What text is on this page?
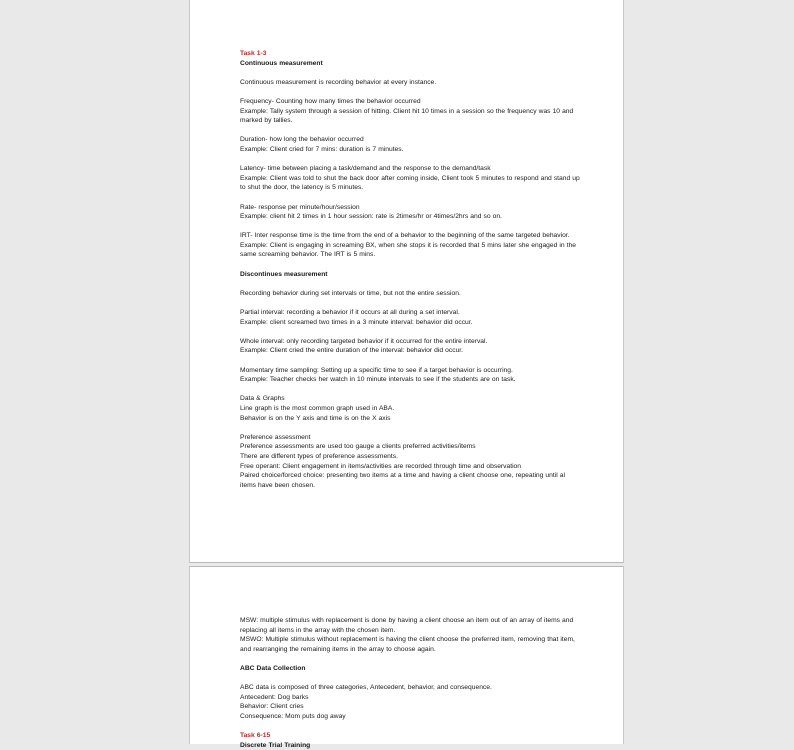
Task 1-3
Continuous measurement
Continuous measurement is recording behavior at every instance.
Frequency- Counting how many times the behavior occurred
Example: Tally system through a session of hitting. Client hit 10 times in a session so the frequency was 10 and marked by tallies.
Duration- how long the behavior occurred
Example: Client cried for 7 mins: duration is 7 minutes.
Latency- time between placing a task/demand and the response to the demand/task
Example: Client was told to shut the back door after coming inside, Client took 5 minutes to respond and stand up to shut the door, the latency is 5 minutes.
Rate- response per minute/hour/session
Example: client hit 2 times in 1 hour session: rate is 2times/hr or 4times/2hrs and so on.
IRT- Inter response time is the time from the end of a behavior to the beginning of the same targeted behavior.
Example: Client is engaging in screaming BX, when she stops it is recorded that 5 mins later she engaged in the same screaming behavior. The IRT is 5 mins.
Discontinues measurement
Recording behavior during set intervals or time, but not the entire session.
Partial interval: recording a behavior if it occurs at all during a set interval.
Example: client screamed two times in a 3 minute interval: behavior did occur.
Whole interval: only recording targeted behavior if it occurred for the entire interval.
Example: Client cried the entire duration of the interval: behavior did occur.
Momentary time sampling: Setting up a specific time to see if a target behavior is occurring.
Example: Teacher checks her watch in 10 minute intervals to see if the students are on task.
Data & Graphs
Line graph is the most common graph used in ABA.
Behavior is on the Y axis and time is on the X axis
Preference assessment
Preference assessments are used too gauge a clients preferred activities/items
There are different types of preference assessments.
Free operant: Client engagement in items/activities are recorded through time and observation
Paired choice/forced choice: presenting two items at a time and having a client choose one, repeating until al items have been chosen.
MSW: multiple stimulus with replacement is done by having a client choose an item out of an array of items and replacing all items in the array with the chosen item.
MSWO: Multiple stimulus without replacement is having the client choose the preferred item, removing that item, and rearranging the remaining items in the array to choose again.
ABC Data Collection
ABC data is composed of three categories, Antecedent, behavior, and consequence.
Antecedent: Dog barks
Behavior: Client cries
Consequence: Mom puts dog away
Task 6-15
Discrete Trial Training
